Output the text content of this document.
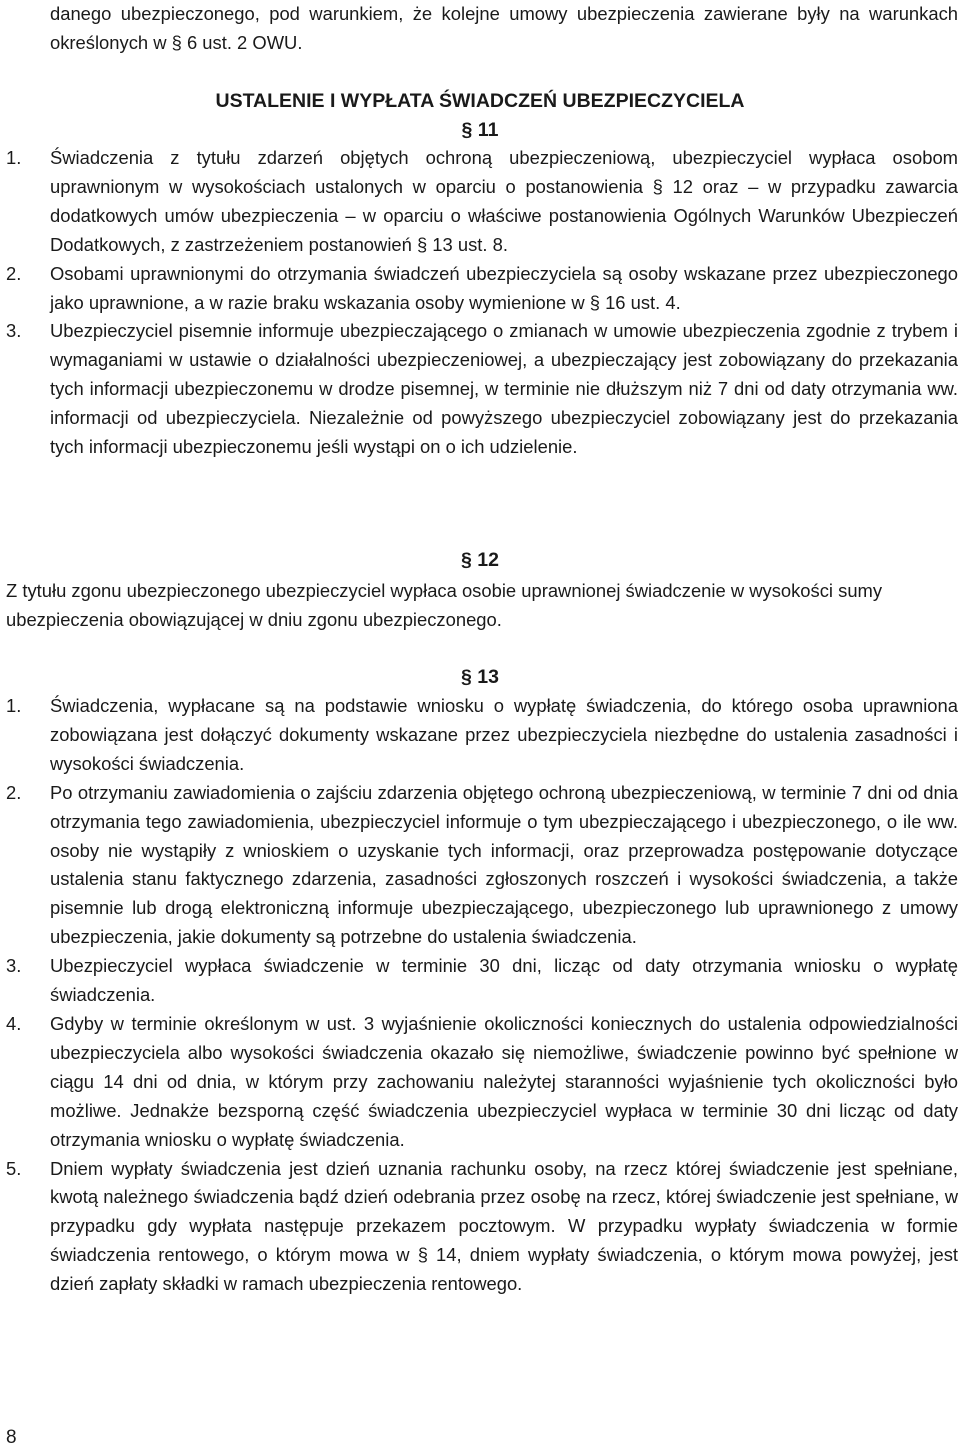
danego ubezpieczonego, pod warunkiem, że kolejne umowy ubezpieczenia zawierane były na warunkach określonych w § 6 ust. 2 OWU.

USTALENIE I WYPŁATA ŚWIADCZEŃ UBEZPIECZYCIELA
§ 11
1. Świadczenia z tytułu zdarzeń objętych ochroną ubezpieczeniową, ubezpieczyciel wypłaca osobom uprawnionym w wysokościach ustalonych w oparciu o postanowienia § 12 oraz – w przypadku zawarcia dodatkowych umów ubezpieczenia – w oparciu o właściwe postanowienia Ogólnych Warunków Ubezpieczeń Dodatkowych, z zastrzeżeniem postanowień § 13 ust. 8.
2. Osobami uprawnionymi do otrzymania świadczeń ubezpieczyciela są osoby wskazane przez ubezpieczonego jako uprawnione, a w razie braku wskazania osoby wymienione w § 16 ust. 4.
3. Ubezpieczyciel pisemnie informuje ubezpieczającego o zmianach w umowie ubezpieczenia zgodnie z trybem i wymaganiami w ustawie o działalności ubezpieczeniowej, a ubezpieczający jest zobowiązany do przekazania tych informacji ubezpieczonemu w drodze pisemnej, w terminie nie dłuższym niż 7 dni od daty otrzymania ww. informacji od ubezpieczyciela. Niezależnie od powyższego ubezpieczyciel zobowiązany jest do przekazania tych informacji ubezpieczonemu jeśli wystąpi on o ich udzielenie.
§ 12

Z tytułu zgonu ubezpieczonego ubezpieczyciel wypłaca osobie uprawnionej świadczenie w wysokości sumy ubezpieczenia obowiązującej w dniu zgonu ubezpieczonego.

§ 13
1. Świadczenia, wypłacane są na podstawie wniosku o wypłatę świadczenia, do którego osoba uprawniona zobowiązana jest dołączyć dokumenty wskazane przez ubezpieczyciela niezbędne do ustalenia zasadności i wysokości świadczenia.
2. Po otrzymaniu zawiadomienia o zajściu zdarzenia objętego ochroną ubezpieczeniową, w terminie 7 dni od dnia otrzymania tego zawiadomienia, ubezpieczyciel informuje o tym ubezpieczającego i ubezpieczonego, o ile ww. osoby nie wystąpiły z wnioskiem o uzyskanie tych informacji, oraz przeprowadza postępowanie dotyczące ustalenia stanu faktycznego zdarzenia, zasadności zgłoszonych roszczeń i wysokości świadczenia, a także pisemnie lub drogą elektroniczną informuje ubezpieczającego, ubezpieczonego lub uprawnionego z umowy ubezpieczenia, jakie dokumenty są potrzebne do ustalenia świadczenia.
3. Ubezpieczyciel wypłaca świadczenie w terminie 30 dni, licząc od daty otrzymania wniosku o wypłatę świadczenia.
4. Gdyby w terminie określonym w ust. 3 wyjaśnienie okoliczności koniecznych do ustalenia odpowiedzialności ubezpieczyciela albo wysokości świadczenia okazało się niemożliwe, świadczenie powinno być spełnione w ciągu 14 dni od dnia, w którym przy zachowaniu należytej staranności wyjaśnienie tych okoliczności było możliwe. Jednakże bezsporną część świadczenia ubezpieczyciel wypłaca w terminie 30 dni licząc od daty otrzymania wniosku o wypłatę świadczenia.
5. Dniem wypłaty świadczenia jest dzień uznania rachunku osoby, na rzecz której świadczenie jest spełniane, kwotą należnego świadczenia bądź dzień odebrania przez osobę na rzecz, której świadczenie jest spełniane, w przypadku gdy wypłata następuje przekazem pocztowym. W przypadku wypłaty świadczenia w formie świadczenia rentowego, o którym mowa w § 14, dniem wypłaty świadczenia, o którym mowa powyżej, jest dzień zapłaty składki w ramach ubezpieczenia rentowego.
8
